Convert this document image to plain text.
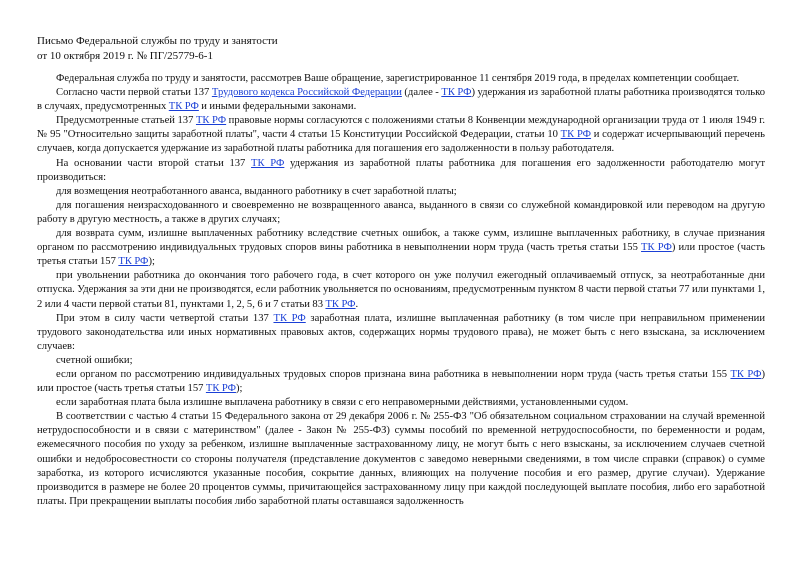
Письмо Федеральной службы по труду и занятости
от 10 октября 2019 г. № ПГ/25779-6-1

Федеральная служба по труду и занятости, рассмотрев Ваше обращение, зарегистрированное 11 сентября 2019 года, в пределах компетенции сообщает.

Согласно части первой статьи 137 Трудового кодекса Российской Федерации (далее - ТК РФ) удержания из заработной платы работника производятся только в случаях, предусмотренных ТК РФ и иными федеральными законами.

Предусмотренные статьей 137 ТК РФ правовые нормы согласуются с положениями статьи 8 Конвенции международной организации труда от 1 июля 1949 г. № 95 "Относительно защиты заработной платы", части 4 статьи 15 Конституции Российской Федерации, статьи 10 ТК РФ и содержат исчерпывающий перечень случаев, когда допускается удержание из заработной платы работника для погашения его задолженности в пользу работодателя.

На основании части второй статьи 137 ТК РФ удержания из заработной платы работника для погашения его задолженности работодателю могут производиться:

для возмещения неотработанного аванса, выданного работнику в счет заработной платы;

для погашения неизрасходованного и своевременно не возвращенного аванса, выданного в связи со служебной командировкой или переводом на другую работу в другую местность, а также в других случаях;

для возврата сумм, излишне выплаченных работнику вследствие счетных ошибок, а также сумм, излишне выплаченных работнику, в случае признания органом по рассмотрению индивидуальных трудовых споров вины работника в невыполнении норм труда (часть третья статьи 155 ТК РФ) или простое (часть третья статьи 157 ТК РФ);

при увольнении работника до окончания того рабочего года, в счет которого он уже получил ежегодный оплачиваемый отпуск, за неотработанные дни отпуска. Удержания за эти дни не производятся, если работник увольняется по основаниям, предусмотренным пунктом 8 части первой статьи 77 или пунктами 1, 2 или 4 части первой статьи 81, пунктами 1, 2, 5, 6 и 7 статьи 83 ТК РФ.

При этом в силу части четвертой статьи 137 ТК РФ заработная плата, излишне выплаченная работнику (в том числе при неправильном применении трудового законодательства или иных нормативных правовых актов, содержащих нормы трудового права), не может быть с него взыскана, за исключением случаев:

счетной ошибки;

если органом по рассмотрению индивидуальных трудовых споров признана вина работника в невыполнении норм труда (часть третья статьи 155 ТК РФ) или простое (часть третья статьи 157 ТК РФ);

если заработная плата была излишне выплачена работнику в связи с его неправомерными действиями, установленными судом.

В соответствии с частью 4 статьи 15 Федерального закона от 29 декабря 2006 г. № 255-ФЗ "Об обязательном социальном страховании на случай временной нетрудоспособности и в связи с материнством" (далее - Закон № 255-ФЗ) суммы пособий по временной нетрудоспособности, по беременности и родам, ежемесячного пособия по уходу за ребенком, излишне выплаченные застрахованному лицу, не могут быть с него взысканы, за исключением случаев счетной ошибки и недобросовестности со стороны получателя (представление документов с заведомо неверными сведениями, в том числе справки (справок) о сумме заработка, из которого исчисляются указанные пособия, сокрытие данных, влияющих на получение пособия и его размер, другие случаи). Удержание производится в размере не более 20 процентов суммы, причитающейся застрахованному лицу при каждой последующей выплате пособия, либо его заработной платы. При прекращении выплаты пособия либо заработной платы оставшаяся задолженность
